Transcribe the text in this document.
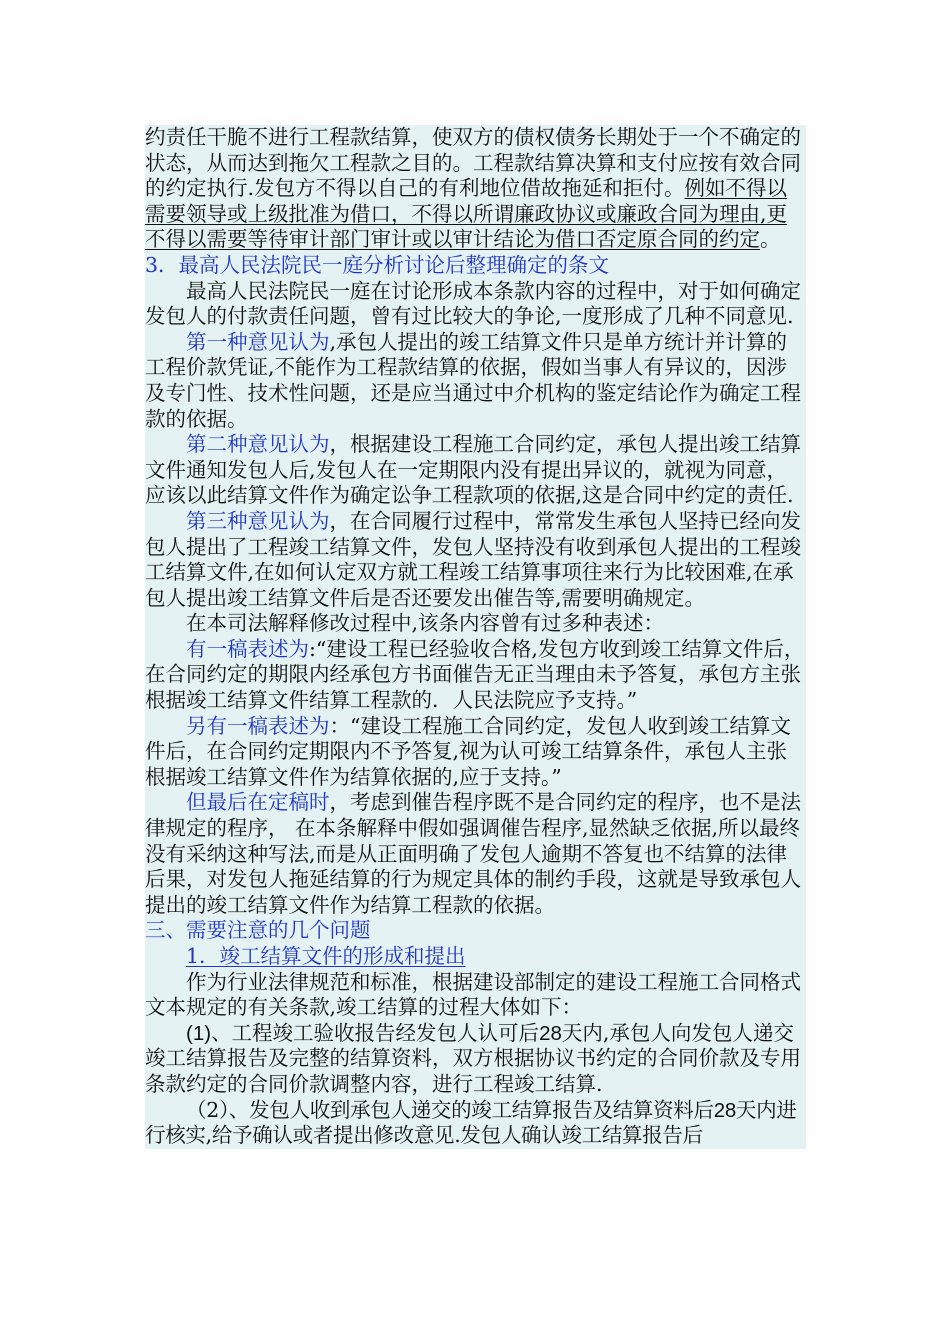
约责任干脆不进行工程款结算，使双方的债权债务长期处于一个不确定的状态，从而达到拖欠工程款之目的。工程款结算决算和支付应按有效合同的约定执行.发包方不得以自己的有利地位借故拖延和拒付。例如不得以需要领导或上级批准为借口，不得以所谓廉政协议或廉政合同为理由,更不得以需要等待审计部门审计或以审计结论为借口否定原合同的约定。

3．最高人民法院民一庭分析讨论后整理确定的条文

最高人民法院民一庭在讨论形成本条款内容的过程中，对于如何确定发包人的付款责任问题，曾有过比较大的争论,一度形成了几种不同意见.

第一种意见认为,承包人提出的竣工结算文件只是单方统计并计算的工程价款凭证,不能作为工程款结算的依据，假如当事人有异议的，因涉及专门性、技术性问题，还是应当通过中介机构的鉴定结论作为确定工程款的依据。

第二种意见认为，根据建设工程施工合同约定，承包人提出竣工结算文件通知发包人后,发包人在一定期限内没有提出异议的，就视为同意，应该以此结算文件作为确定讼争工程款项的依据,这是合同中约定的责任.

第三种意见认为，在合同履行过程中，常常发生承包人坚持已经向发包人提出了工程竣工结算文件，发包人坚持没有收到承包人提出的工程竣工结算文件,在如何认定双方就工程竣工结算事项往来行为比较困难,在承包人提出竣工结算文件后是否还要发出催告等,需要明确规定。

在本司法解释修改过程中,该条内容曾有过多种表述：

有一稿表述为:“建设工程已经验收合格,发包方收到竣工结算文件后，在合同约定的期限内经承包方书面催告无正当理由未予答复，承包方主张根据竣工结算文件结算工程款的．人民法院应予支持。”

另有一稿表述为：“建设工程施工合同约定，发包人收到竣工结算文件后，在合同约定期限内不予答复,视为认可竣工结算条件，承包人主张根据竣工结算文件作为结算依据的,应于支持。”

但最后在定稿时，考虑到催告程序既不是合同约定的程序，也不是法律规定的程序， 在本条解释中假如强调催告程序,显然缺乏依据,所以最终没有采纳这种写法,而是从正面明确了发包人逾期不答复也不结算的法律后果，对发包人拖延结算的行为规定具体的制约手段，这就是导致承包人提出的竣工结算文件作为结算工程款的依据。

三、需要注意的几个问题

1．竣工结算文件的形成和提出

作为行业法律规范和标准，根据建设部制定的建设工程施工合同格式文本规定的有关条款,竣工结算的过程大体如下：

(1)、工程竣工验收报告经发包人认可后28天内,承包人向发包人递交竣工结算报告及完整的结算资料，双方根据协议书约定的合同价款及专用条款约定的合同价款调整内容，进行工程竣工结算.

（2）、发包人收到承包人递交的竣工结算报告及结算资料后28天内进行核实,给予确认或者提出修改意见.发包人确认竣工结算报告后
